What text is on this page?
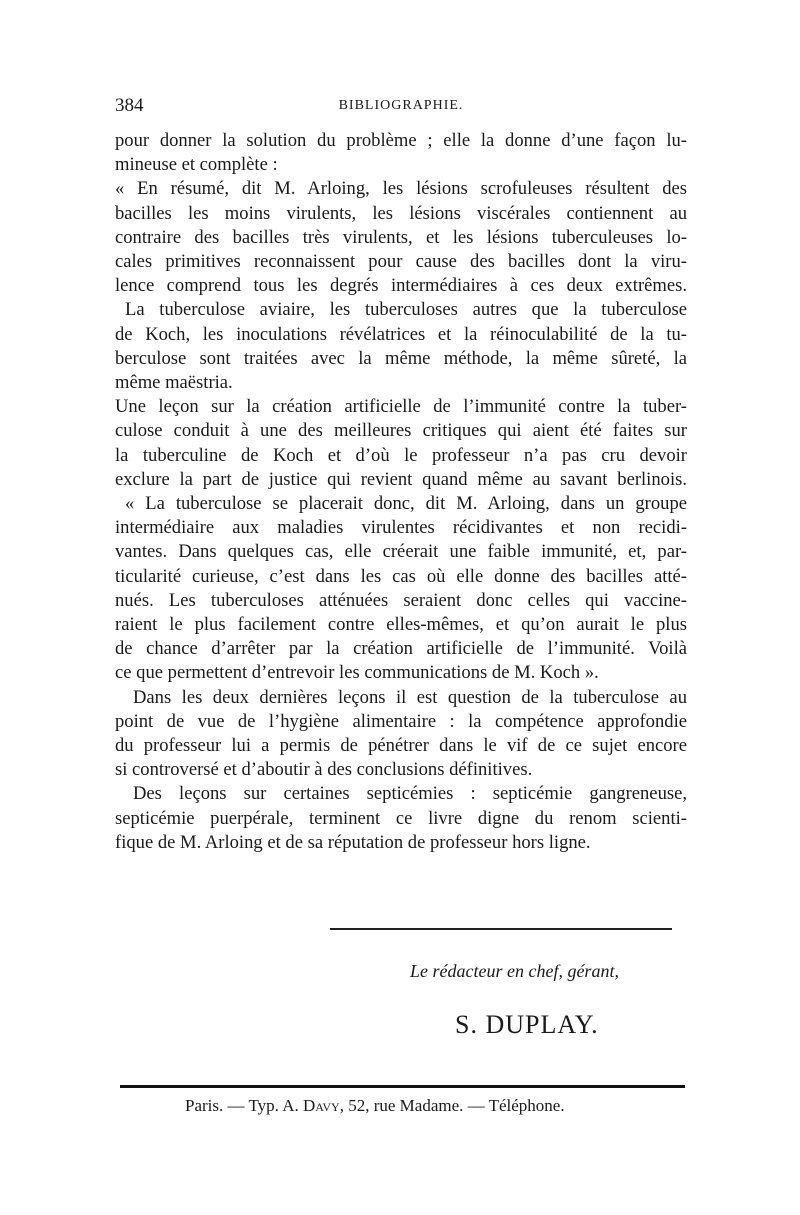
384	BIBLIOGRAPHIE.

pour donner la solution du problème ; elle la donne d’une façon lu-

mineuse et complète :

« En résumé, dit M. Arloing, les lésions scrofuleuses résultent des

bacilles les moins virulents, les lésions viscérales contiennent au

contraire des bacilles très virulents, et les lésions tuberculeuses lo-

cales primitives reconnaissent pour cause des bacilles dont la viru-

lence comprend tous les degrés intermédiaires à ces deux extrêmes.

La tuberculose aviaire, les tuberculoses autres que la tuberculose

de Koch, les inoculations révélatrices et la réinoculabilité de la tu-

berculose sont traitées avec la même méthode, la même sûreté, la

même maëstria.

Une leçon sur la création artificielle de l’immunité contre la tuber-

culose conduit à une des meilleures critiques qui aient été faites sur

la tuberculine de Koch et d’où le professeur n’a pas cru devoir

exclure la part de justice qui revient quand même au savant berlinois.

« La tuberculose se placerait donc, dit M. Arloing, dans un groupe

intermédiaire aux maladies virulentes récidivantes et non recidi-

vantes. Dans quelques cas, elle créerait une faible immunité, et, par-

ticularité curieuse, c’est dans les cas où elle donne des bacilles atté-

nués. Les tuberculoses atténuées seraient donc celles qui vaccine-

raient le plus facilement contre elles-mêmes, et qu’on aurait le plus

de chance d’arrêter par la création artificielle de l’immunité. Voilà

ce que permettent d’entrevoir les communications de M. Koch ».

Dans les deux dernières leçons il est question de la tuberculose au

point de vue de l’hygiène alimentaire : la compétence approfondie

du professeur lui a permis de pénétrer dans le vif de ce sujet encore

si controversé et d’aboutir à des conclusions définitives.

Des leçons sur certaines septicémies : septicémie gangreneuse,

septicémie puerpérale, terminent ce livre digne du renom scienti-

fique de M. Arloing et de sa réputation de professeur hors ligne.

Le rédacteur en chef, gérant,
S. DUPLAY.
Paris. — Typ. A. Davy, 52, rue Madame. — Téléphone.
